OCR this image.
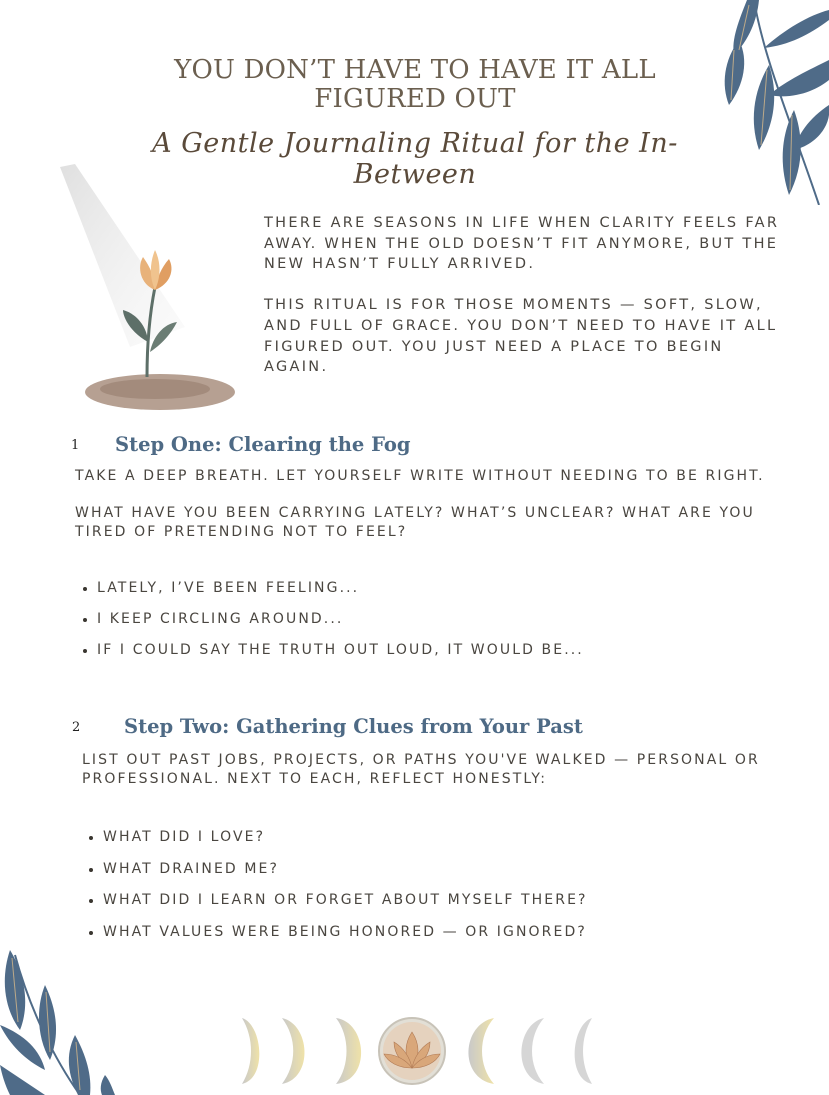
YOU DON’T HAVE TO HAVE IT ALL FIGURED OUT
A Gentle Journaling Ritual for the In-Between

THERE ARE SEASONS IN LIFE WHEN CLARITY FEELS FAR AWAY. WHEN THE OLD DOESN’T FIT ANYMORE, BUT THE NEW HASN’T FULLY ARRIVED.

THIS RITUAL IS FOR THOSE MOMENTS — SOFT, SLOW, AND FULL OF GRACE. YOU DON’T NEED TO HAVE IT ALL FIGURED OUT. YOU JUST NEED A PLACE TO BEGIN AGAIN.

1 Step One: Clearing the Fog

TAKE A DEEP BREATH. LET YOURSELF WRITE WITHOUT NEEDING TO BE RIGHT.

WHAT HAVE YOU BEEN CARRYING LATELY? WHAT’S UNCLEAR? WHAT ARE YOU TIRED OF PRETENDING NOT TO FEEL?

LATELY, I’VE BEEN FEELING...
I KEEP CIRCLING AROUND...
IF I COULD SAY THE TRUTH OUT LOUD, IT WOULD BE...
2 Step Two: Gathering Clues from Your Past

LIST OUT PAST JOBS, PROJECTS, OR PATHS YOU'VE WALKED — PERSONAL OR PROFESSIONAL. NEXT TO EACH, REFLECT HONESTLY:

WHAT DID I LOVE?
WHAT DRAINED ME?
WHAT DID I LEARN OR FORGET ABOUT MYSELF THERE?
WHAT VALUES WERE BEING HONORED — OR IGNORED?
